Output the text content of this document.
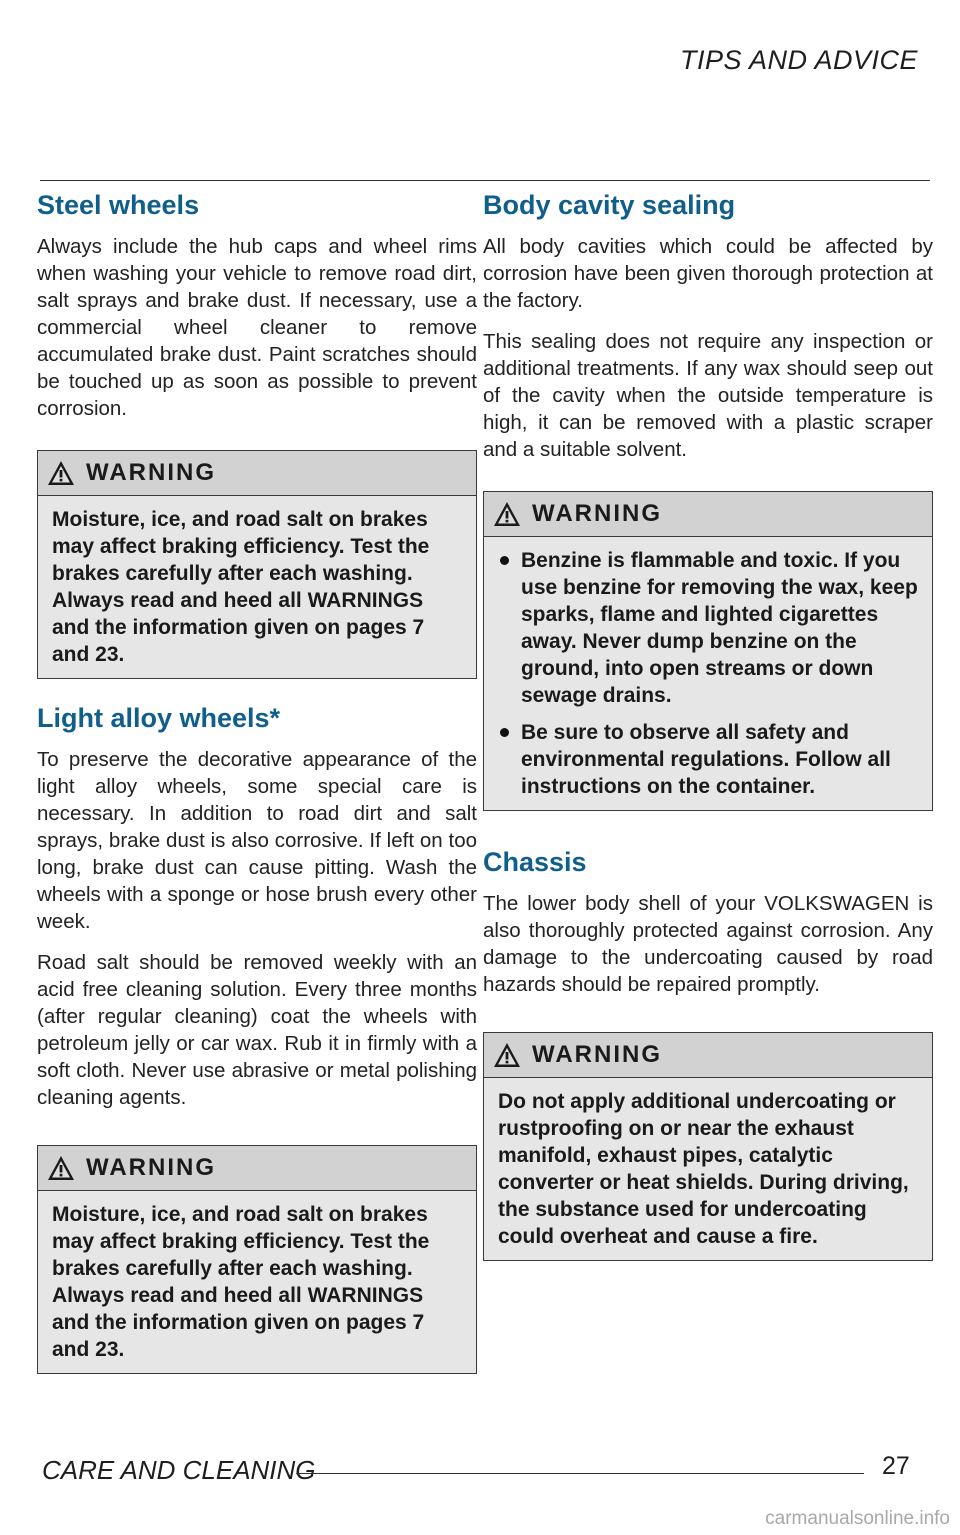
TIPS AND ADVICE
Steel wheels

Always include the hub caps and wheel rims when washing your vehicle to remove road dirt, salt sprays and brake dust. If necessary, use a commercial wheel cleaner to remove accumulated brake dust. Paint scratches should be touched up as soon as possible to prevent corrosion.

WARNING

Moisture, ice, and road salt on brakes may affect braking efficiency. Test the brakes carefully after each washing. Always read and heed all WARNINGS and the information given on pages 7 and 23.

Light alloy wheels*

To preserve the decorative appearance of the light alloy wheels, some special care is necessary. In addition to road dirt and salt sprays, brake dust is also corrosive. If left on too long, brake dust can cause pitting. Wash the wheels with a sponge or hose brush every other week.

Road salt should be removed weekly with an acid free cleaning solution. Every three months (after regular cleaning) coat the wheels with petroleum jelly or car wax. Rub it in firmly with a soft cloth. Never use abrasive or metal polishing cleaning agents.

WARNING

Moisture, ice, and road salt on brakes may affect braking efficiency. Test the brakes carefully after each washing. Always read and heed all WARNINGS and the information given on pages 7 and 23.

Body cavity sealing

All body cavities which could be affected by corrosion have been given thorough protection at the factory.

This sealing does not require any inspection or additional treatments. If any wax should seep out of the cavity when the outside temperature is high, it can be removed with a plastic scraper and a suitable solvent.

WARNING

Benzine is flammable and toxic. If you use benzine for removing the wax, keep sparks, flame and lighted cigarettes away. Never dump benzine on the ground, into open streams or down sewage drains.

Be sure to observe all safety and environmental regulations. Follow all instructions on the container.

Chassis

The lower body shell of your VOLKSWAGEN is also thoroughly protected against corrosion. Any damage to the undercoating caused by road hazards should be repaired promptly.

WARNING

Do not apply additional undercoating or rustproofing on or near the exhaust manifold, exhaust pipes, catalytic converter or heat shields. During driving, the substance used for undercoating could overheat and cause a fire.

CARE AND CLEANING	27
carmanualsonline.info
